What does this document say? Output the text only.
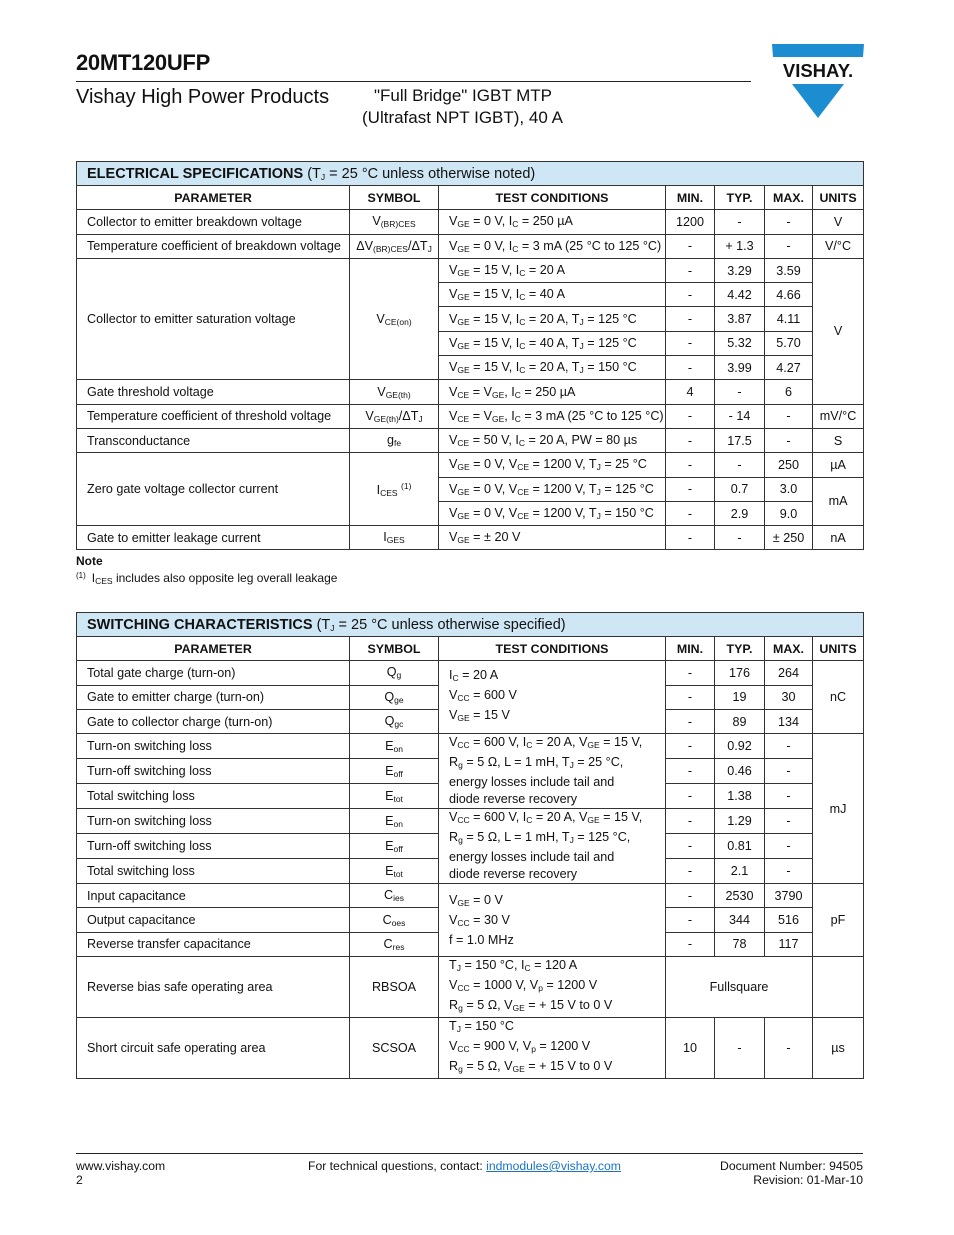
20MT120UFP
Vishay High Power Products	"Full Bridge" IGBT MTP
(Ultrafast NPT IGBT), 40 A
VISHAY.
ELECTRICAL SPECIFICATIONS ($T_J = 25$ °C unless otherwise noted)						
PARAMETER	SYMBOL	TEST CONDITIONS	MIN.	TYP.	MAX.	UNITS
Collector to emitter breakdown voltage	$V_{(BR)CES}$	$V_{GE} = 0$ V, $I_C = 250$ µA	1200	-	-	V
Temperature coefficient of breakdown voltage	$\Delta V_{(BR)CES}/\Delta T_J$	$V_{GE} = 0$ V, $I_C = 3$ mA (25 °C to 125 °C)	-	+ 1.3	-	V/°C
Collector to emitter saturation voltage	$V_{CE(on)}$	$V_{GE} = 15$ V, $I_C = 20$ A	-	3.29	3.59	V
		$V_{GE} = 15$ V, $I_C = 40$ A	-	4.42	4.66	
		$V_{GE} = 15$ V, $I_C = 20$ A, $T_J = 125$ °C	-	3.87	4.11	
		$V_{GE} = 15$ V, $I_C = 40$ A, $T_J = 125$ °C	-	5.32	5.70	
		$V_{GE} = 15$ V, $I_C = 20$ A, $T_J = 150$ °C	-	3.99	4.27	
Gate threshold voltage	$V_{GE(th)}$	$V_{CE} = V_{GE}$, $I_C = 250$ µA	4	-	6	
Temperature coefficient of threshold voltage	$V_{GE(th)}/\Delta T_J$	$V_{CE} = V_{GE}$, $I_C = 3$ mA (25 °C to 125 °C)	-	- 14	-	mV/°C
Transconductance	$g_{fe}$	$V_{CE} = 50$ V, $I_C = 20$ A, PW = 80 µs	-	17.5	-	S
Zero gate voltage collector current	$I_{CES}$ $^{(1)}$	$V_{GE} = 0$ V, $V_{CE} = 1200$ V, $T_J = 25$ °C	-	-	250	µA
		$V_{GE} = 0$ V, $V_{CE} = 1200$ V, $T_J = 125$ °C	-	0.7	3.0	mA
		$V_{GE} = 0$ V, $V_{CE} = 1200$ V, $T_J = 150$ °C	-	2.9	9.0	
Gate to emitter leakage current	$I_{GES}$	$V_{GE}$ = ± 20 V	-	-	± 250	nA
Note
$^{(1)}$ $I_{CES}$ includes also opposite leg overall leakage
SWITCHING CHARACTERISTICS ($T_J = 25$ °C unless otherwise specified)						
PARAMETER	SYMBOL	TEST CONDITIONS	MIN.	TYP.	MAX.	UNITS
Total gate charge (turn-on)	$Q_g$	$I_C = 20$ A
$V_{CC} = 600$ V
$V_{GE} = 15$ V	-	176	264	nC
Gate to emitter charge (turn-on)	$Q_{ge}$		-	19	30	
Gate to collector charge (turn-on)	$Q_{gc}$		-	89	134	
Turn-on switching loss	$E_{on}$	$V_{CC} = 600$ V, $I_C = 20$ A, $V_{GE} = 15$ V,
$R_g = 5$ Ω, L = 1 mH, $T_J = 25$ °C,
energy losses include tail and
diode reverse recovery	-	0.92	-	mJ
Turn-off switching loss	$E_{off}$		-	0.46	-	
Total switching loss	$E_{tot}$		-	1.38	-	
Turn-on switching loss	$E_{on}$	$V_{CC} = 600$ V, $I_C = 20$ A, $V_{GE} = 15$ V,
$R_g = 5$ Ω, L = 1 mH, $T_J = 125$ °C,
energy losses include tail and
diode reverse recovery	-	1.29	-	
Turn-off switching loss	$E_{off}$		-	0.81	-	
Total switching loss	$E_{tot}$		-	2.1	-	
Input capacitance	$C_{ies}$	$V_{GE} = 0$ V
$V_{CC} = 30$ V
f = 1.0 MHz	-	2530	3790	pF
Output capacitance	$C_{oes}$		-	344	516	
Reverse transfer capacitance	$C_{res}$		-	78	117	
Reverse bias safe operating area	RBSOA	$T_J = 150$ °C, $I_C = 120$ A
$V_{CC} = 1000$ V, $V_p = 1200$ V
$R_g = 5$ Ω, $V_{GE}$ = + 15 V to 0 V	Fullsquare			
Short circuit safe operating area	SCSOA	$T_J = 150$ °C
$V_{CC} = 900$ V, $V_p = 1200$ V
$R_g = 5$ Ω, $V_{GE}$ = + 15 V to 0 V	10	-	-	µs
www.vishay.com
2
For technical questions, contact: indmodules@vishay.com	Document Number: 94505
Revision: 01-Mar-10
